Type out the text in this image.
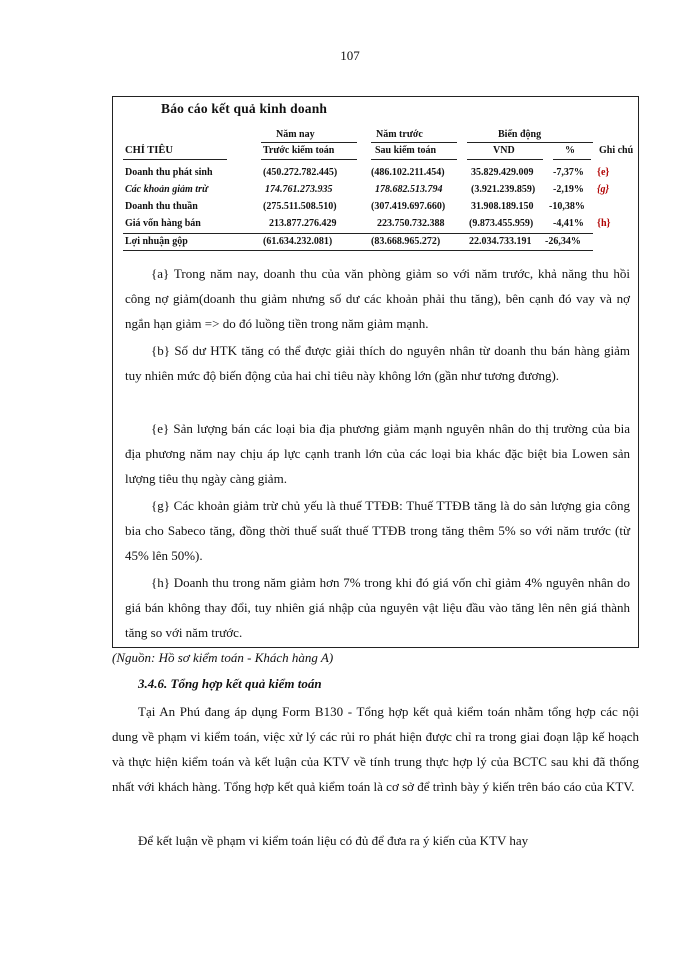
107
Báo cáo kết quả kinh doanh
Năm nay	Năm trước	Biến động
CHỈ TIÊU	Trước kiểm toán	Sau kiểm toán	VND	% Ghi chú
Doanh thu phát sinh	(450.272.782.445)	(486.102.211.454)	35.829.429.009 -7,37% {e}
Các khoản giảm trừ	174.761.273.935	178.682.513.794	(3.921.239.859) -2,19% {g}
Doanh thu thuần	(275.511.508.510)	(307.419.697.660)	31.908.189.150 -10,38%
Giá vốn hàng bán	213.877.276.429	223.750.732.388 (9.873.455.959) -4,41% {h}
Lợi nhuận gộp	(61.634.232.081)	(83.668.965.272)	22.034.733.191 -26,34%
{a} Trong năm nay, doanh thu của văn phòng giảm so với năm trước, khả năng thu hồi công nợ giảm(doanh thu giảm nhưng số dư các khoản phải thu tăng), bên cạnh đó vay và nợ ngắn hạn giảm => do đó luồng tiền trong năm giảm mạnh.
{b} Số dư HTK tăng có thể được giải thích do nguyên nhân từ doanh thu bán hàng giảm tuy nhiên mức độ biến động của hai chỉ tiêu này không lớn (gần như tương đương).
{e} Sản lượng bán các loại bia địa phương giảm mạnh nguyên nhân do thị trường của bia địa phương năm nay chịu áp lực cạnh tranh lớn của các loại bia khác đặc biệt bia Lowen sản lượng tiêu thụ ngày càng giảm.
{g} Các khoản giảm trừ chủ yếu là thuế TTĐB: Thuế TTĐB tăng là do sản lượng gia công bia cho Sabeco tăng, đồng thời thuế suất thuế TTĐB trong tăng thêm 5% so với năm trước (từ 45% lên 50%).
{h} Doanh thu trong năm giảm hơn 7% trong khi đó giá vốn chỉ giảm 4% nguyên nhân do giá bán không thay đổi, tuy nhiên giá nhập của nguyên vật liệu đầu vào tăng lên nên giá thành tăng so với năm trước.
(Nguồn: Hồ sơ kiểm toán - Khách hàng A)
3.4.6. Tổng hợp kết quả kiểm toán
Tại An Phú đang áp dụng Form B130 - Tổng hợp kết quả kiểm toán nhằm tổng hợp các nội dung về phạm vi kiểm toán, việc xử lý các rủi ro phát hiện được chỉ ra trong giai đoạn lập kế hoạch và thực hiện kiểm toán và kết luận của KTV về tính trung thực hợp lý của BCTC sau khi đã thống nhất với khách hàng. Tổng hợp kết quả kiểm toán là cơ sở để trình bày ý kiến trên báo cáo của KTV.
Để kết luận về phạm vi kiểm toán liệu có đủ để đưa ra ý kiến của KTV hay
